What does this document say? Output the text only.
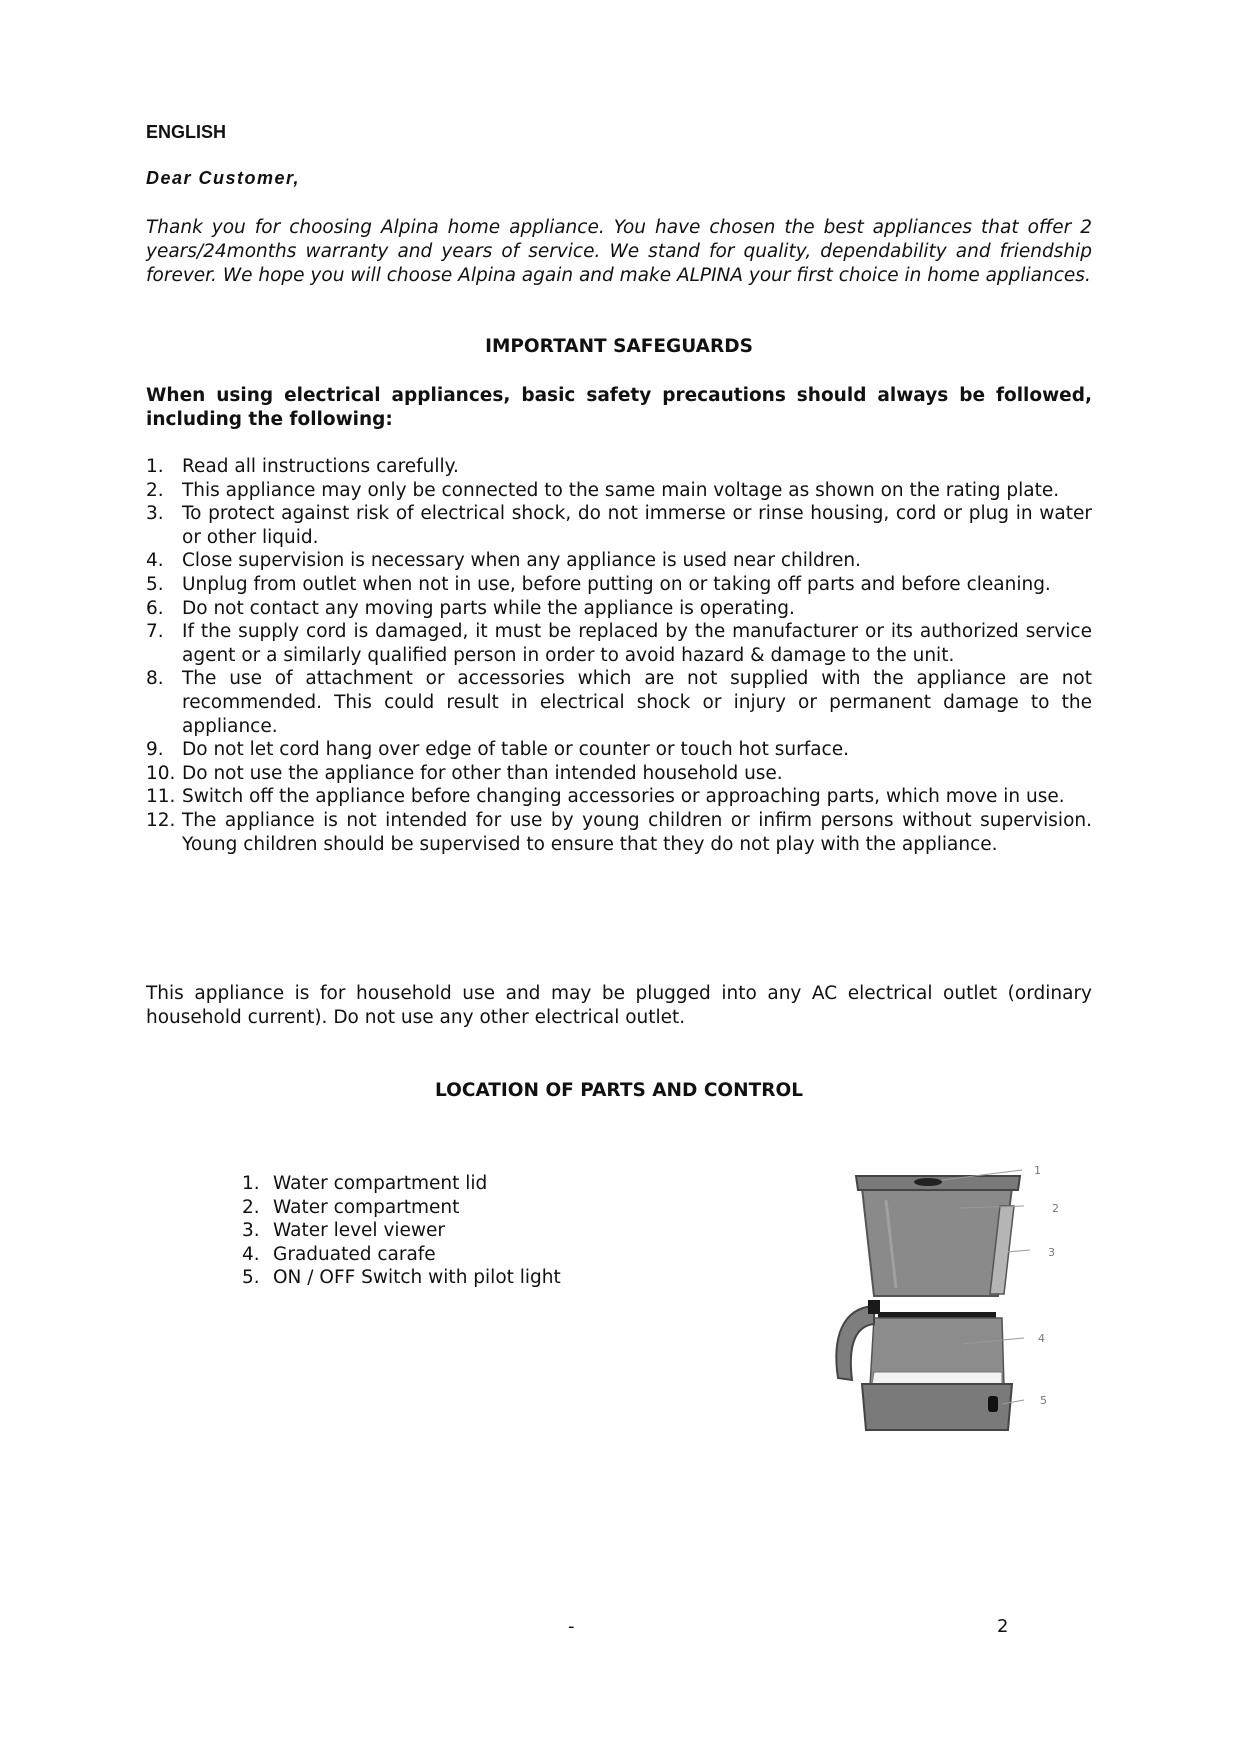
ENGLISH
Dear Customer,

Thank you for choosing Alpina home appliance. You have chosen the best appliances that offer 2 years/24months warranty and years of service. We stand for quality, dependability and friendship forever. We hope you will choose Alpina again and make ALPINA your first choice in home appliances.

IMPORTANT SAFEGUARDS

When using electrical appliances, basic safety precautions should always be followed, including the following:

1. Read all instructions carefully.
2. This appliance may only be connected to the same main voltage as shown on the rating plate.
3. To protect against risk of electrical shock, do not immerse or rinse housing, cord or plug in water or other liquid.
4. Close supervision is necessary when any appliance is used near children.
5. Unplug from outlet when not in use, before putting on or taking off parts and before cleaning.
6. Do not contact any moving parts while the appliance is operating.
7. If the supply cord is damaged, it must be replaced by the manufacturer or its authorized service agent or a similarly qualified person in order to avoid hazard & damage to the unit.
8. The use of attachment or accessories which are not supplied with the appliance are not recommended. This could result in electrical shock or injury or permanent damage to the appliance.
9. Do not let cord hang over edge of table or counter or touch hot surface.
10. Do not use the appliance for other than intended household use.
11. Switch off the appliance before changing accessories or approaching parts, which move in use.
12. The appliance is not intended for use by young children or infirm persons without supervision. Young children should be supervised to ensure that they do not play with the appliance.

This appliance is for household use and may be plugged into any AC electrical outlet (ordinary household current). Do not use any other electrical outlet.

LOCATION OF PARTS AND CONTROL
1. Water compartment lid
2. Water compartment
3. Water level viewer
4. Graduated carafe
5. ON / OFF Switch with pilot light
1
2
3
4
5
-	2
